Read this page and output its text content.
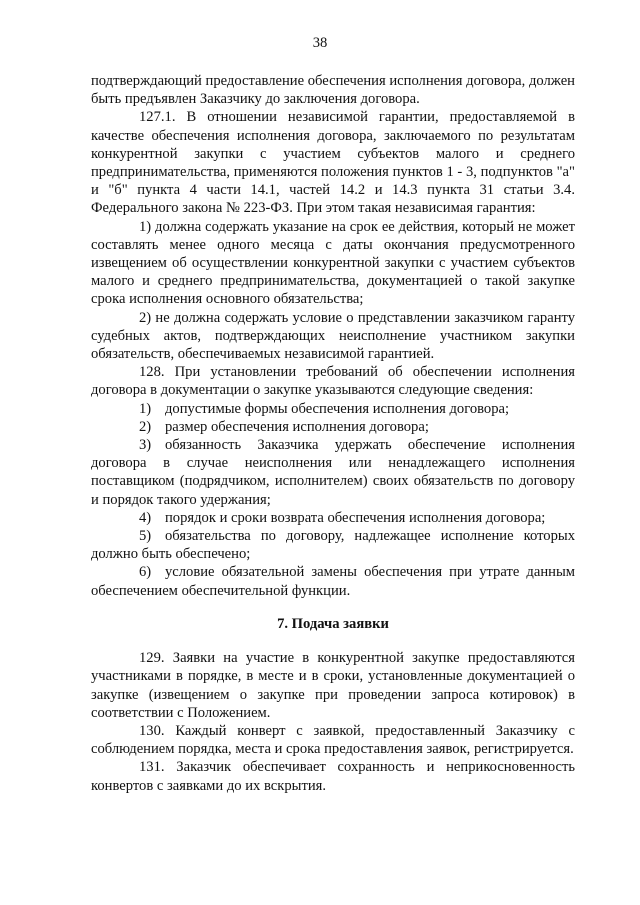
38

подтверждающий предоставление обеспечения исполнения договора, должен быть предъявлен Заказчику до заключения договора.

127.1. В отношении независимой гарантии, предоставляемой в качестве обеспечения исполнения договора, заключаемого по результатам конкурентной закупки с участием субъектов малого и среднего предпринимательства, применяются положения пунктов 1 - 3, подпунктов "а" и "б" пункта 4 части 14.1, частей 14.2 и 14.3 пункта 31 статьи 3.4. Федерального закона № 223-ФЗ. При этом такая независимая гарантия:

1) должна содержать указание на срок ее действия, который не может составлять менее одного месяца с даты окончания предусмотренного извещением об осуществлении конкурентной закупки с участием субъектов малого и среднего предпринимательства, документацией о такой закупке срока исполнения основного обязательства;

2) не должна содержать условие о представлении заказчиком гаранту судебных актов, подтверждающих неисполнение участником закупки обязательств, обеспечиваемых независимой гарантией.

128. При установлении требований об обеспечении исполнения договора в документации о закупке указываются следующие сведения:

1) допустимые формы обеспечения исполнения договора;

2) размер обеспечения исполнения договора;

3) обязанность Заказчика удержать обеспечение исполнения договора в случае неисполнения или ненадлежащего исполнения поставщиком (подрядчиком, исполнителем) своих обязательств по договору и порядок такого удержания;

4) порядок и сроки возврата обеспечения исполнения договора;

5) обязательства по договору, надлежащее исполнение которых должно быть обеспечено;

6) условие обязательной замены обеспечения при утрате данным обеспечением обеспечительной функции.

7. Подача заявки

129. Заявки на участие в конкурентной закупке предоставляются участниками в порядке, в месте и в сроки, установленные документацией о закупке (извещением о закупке при проведении запроса котировок) в соответствии с Положением.

130. Каждый конверт с заявкой, предоставленный Заказчику с соблюдением порядка, места и срока предоставления заявок, регистрируется.

131. Заказчик обеспечивает сохранность и неприкосновенность конвертов с заявками до их вскрытия.
